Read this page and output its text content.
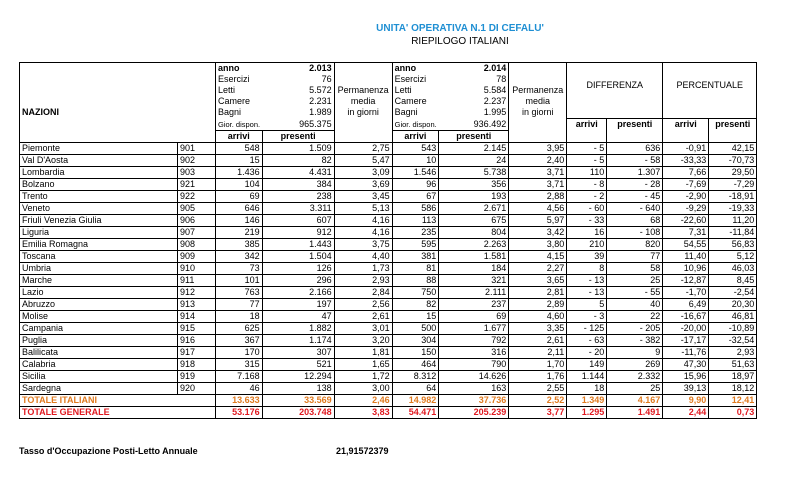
UNITA' OPERATIVA N.1 DI CEFALU'
RIEPILOGO ITALIANI
		anno	2.013		anno	2.014					
		Esercizi	76		Esercizi	78		DIFFERENZA		PERCENTUALE	
		Letti	5.572	Permanenza	Letti	5.584	Permanenza				
		Camere	2.231	media	Camere	2.237	media				
NAZIONI		Bagni	1.989	in giorni	Bagni	1.995	in giorni				
		Gior. dispon.	965.375		Gior. dispon.	936.492		arrivi	presenti	arrivi	presenti
		arrivi	presenti		arrivi	presenti					
Piemonte	901	548	1.509	2,75	543	2.145	3,95	- 5	636	-0,91	42,15
Val D'Aosta	902	15	82	5,47	10	24	2,40	- 5	- 58	-33,33	-70,73
Lombardia	903	1.436	4.431	3,09	1.546	5.738	3,71	110	1.307	7,66	29,50
Bolzano	921	104	384	3,69	96	356	3,71	- 8	- 28	-7,69	-7,29
Trento	922	69	238	3,45	67	193	2,88	- 2	- 45	-2,90	-18,91
Veneto	905	646	3.311	5,13	586	2.671	4,56	- 60	- 640	-9,29	-19,33
Friuli Venezia Giulia	906	146	607	4,16	113	675	5,97	- 33	68	-22,60	11,20
Liguria	907	219	912	4,16	235	804	3,42	16	- 108	7,31	-11,84
Emilia Romagna	908	385	1.443	3,75	595	2.263	3,80	210	820	54,55	56,83
Toscana	909	342	1.504	4,40	381	1.581	4,15	39	77	11,40	5,12
Umbria	910	73	126	1,73	81	184	2,27	8	58	10,96	46,03
Marche	911	101	296	2,93	88	321	3,65	- 13	25	-12,87	8,45
Lazio	912	763	2.166	2,84	750	2.111	2,81	- 13	- 55	-1,70	-2,54
Abruzzo	913	77	197	2,56	82	237	2,89	5	40	6,49	20,30
Molise	914	18	47	2,61	15	69	4,60	- 3	22	-16,67	46,81
Campania	915	625	1.882	3,01	500	1.677	3,35	- 125	- 205	-20,00	-10,89
Puglia	916	367	1.174	3,20	304	792	2,61	- 63	- 382	-17,17	-32,54
Balilicata	917	170	307	1,81	150	316	2,11	- 20	9	-11,76	2,93
Calabria	918	315	521	1,65	464	790	1,70	149	269	47,30	51,63
Sicilia	919	7.168	12.294	1,72	8.312	14.626	1,76	1.144	2.332	15,96	18,97
Sardegna	920	46	138	3,00	64	163	2,55	18	25	39,13	18,12
TOTALE ITALIANI		13.633	33.569	2,46	14.982	37.736	2,52	1.349	4.167	9,90	12,41
TOTALE GENERALE		53.176	203.748	3,83	54.471	205.239	3,77	1.295	1.491	2,44	0,73
Tasso d'Occupazione Posti-Letto Annuale	21,91572379
